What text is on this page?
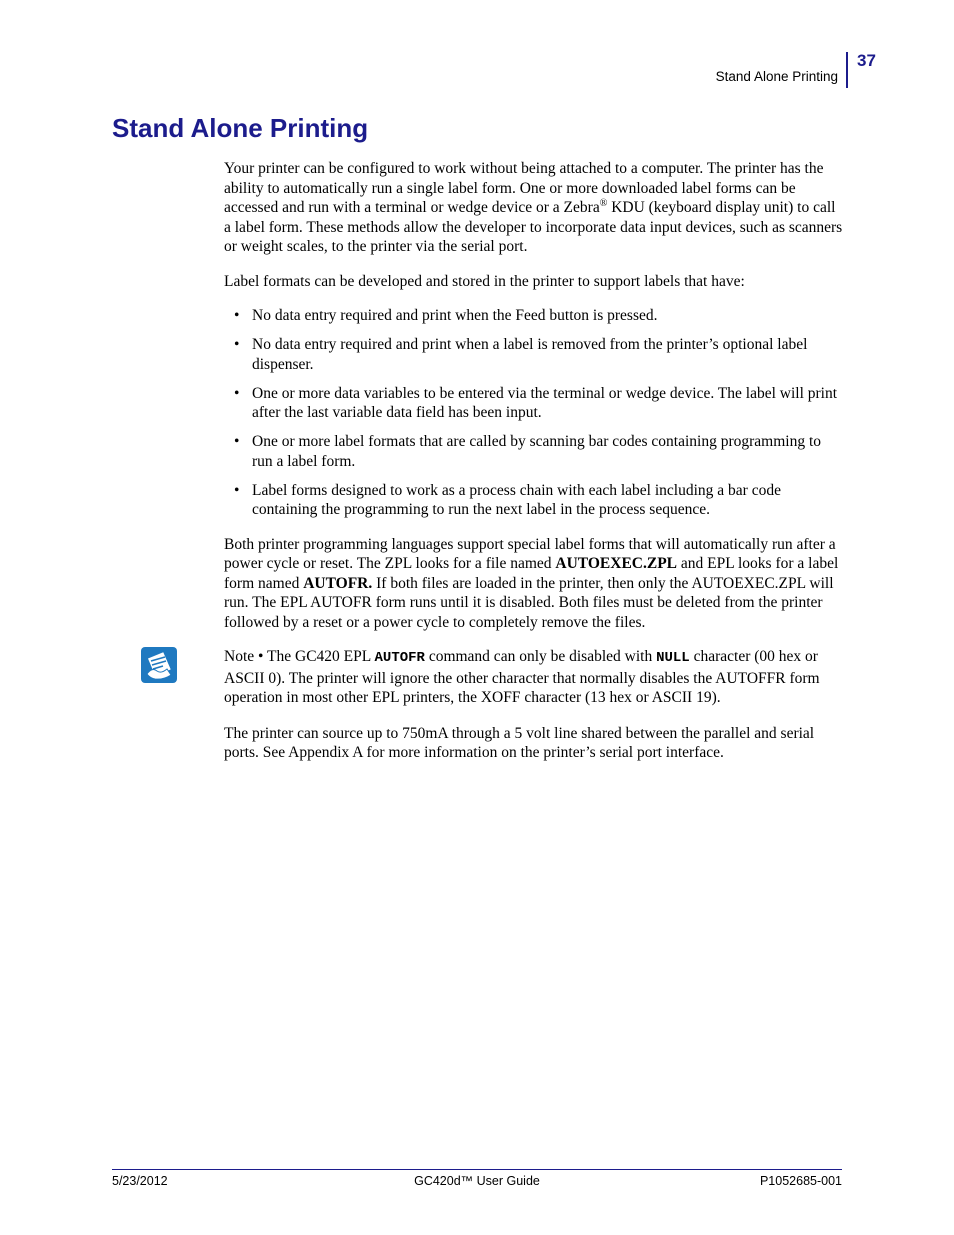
Stand Alone Printing
37
Stand Alone Printing

Your printer can be configured to work without being attached to a computer. The printer has the ability to automatically run a single label form. One or more downloaded label forms can be accessed and run with a terminal or wedge device or a Zebra® KDU (keyboard display unit) to call a label form. These methods allow the developer to incorporate data input devices, such as scanners or weight scales, to the printer via the serial port.

Label formats can be developed and stored in the printer to support labels that have:

• No data entry required and print when the Feed button is pressed.
• No data entry required and print when a label is removed from the printer’s optional label dispenser.
• One or more data variables to be entered via the terminal or wedge device. The label will print after the last variable data field has been input.
• One or more label formats that are called by scanning bar codes containing programming to run a label form.
• Label forms designed to work as a process chain with each label including a bar code containing the programming to run the next label in the process sequence.

Both printer programming languages support special label forms that will automatically run after a power cycle or reset. The ZPL looks for a file named AUTOEXEC.ZPL and EPL looks for a label form named AUTOFR. If both files are loaded in the printer, then only the AUTOEXEC.ZPL will run. The EPL AUTOFR form runs until it is disabled. Both files must be deleted from the printer followed by a reset or a power cycle to completely remove the files.

Note • The GC420 EPL AUTOFR command can only be disabled with NULL character (00 hex or ASCII 0). The printer will ignore the other character that normally disables the AUTOFFR form operation in most other EPL printers, the XOFF character (13 hex or ASCII 19).

The printer can source up to 750mA through a 5 volt line shared between the parallel and serial ports. See Appendix A for more information on the printer’s serial port interface.

5/23/2012	GC420d™ User Guide	P1052685-001
